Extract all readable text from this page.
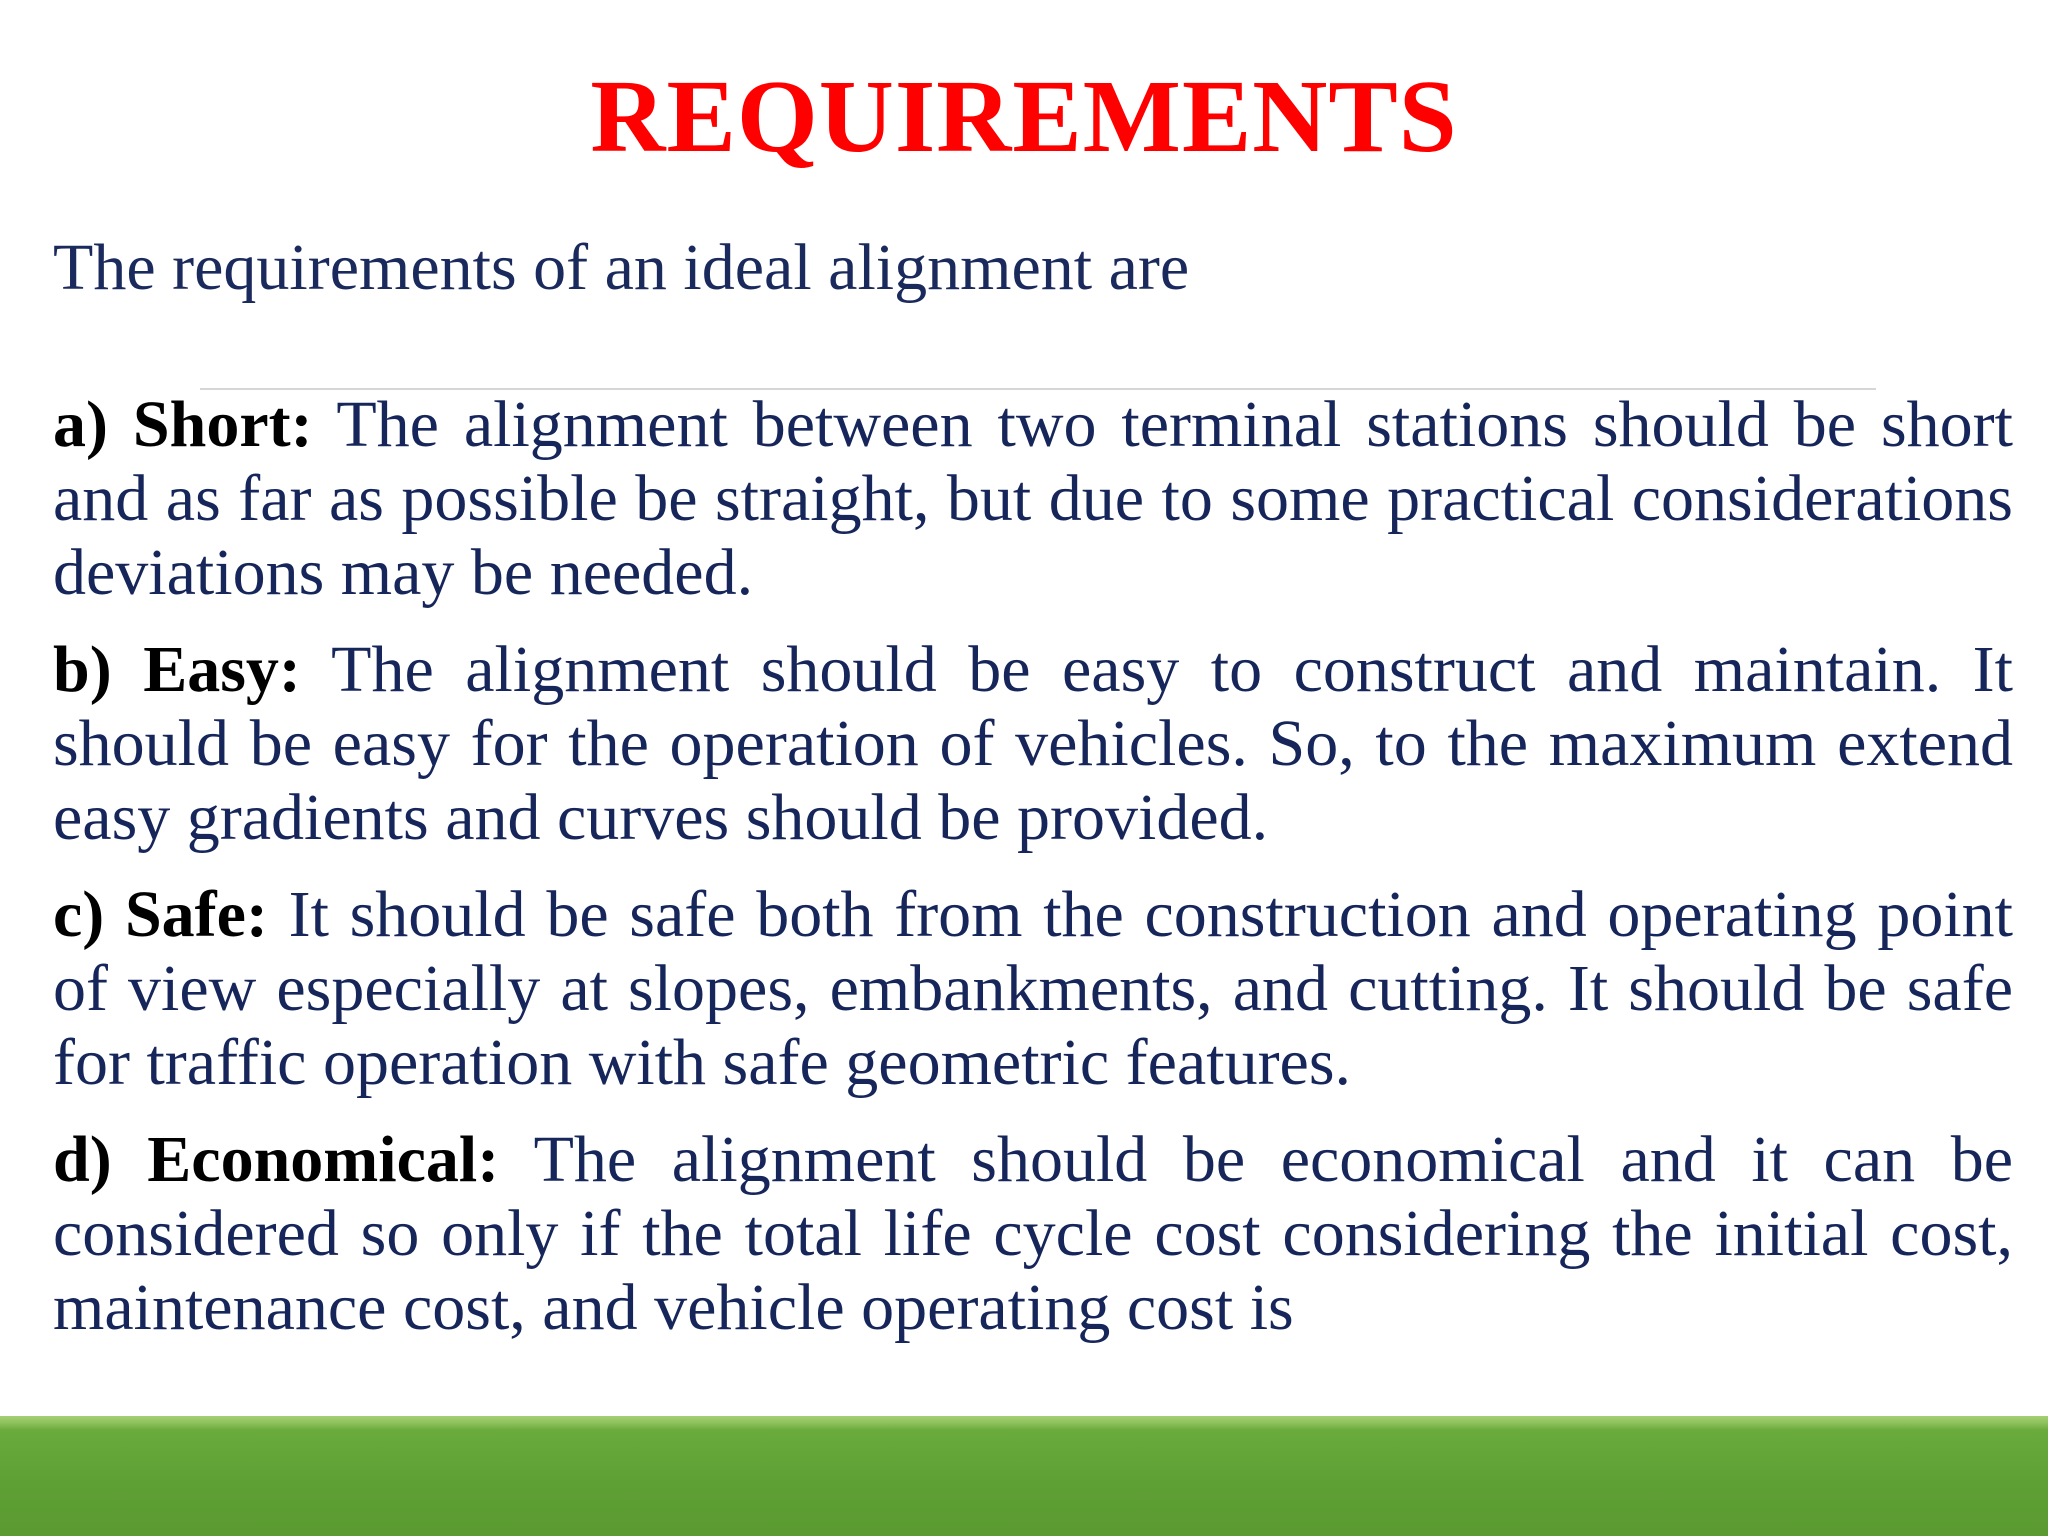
REQUIREMENTS

The requirements of an ideal alignment are

a) Short: The alignment between two terminal stations should be short and as far as possible be straight, but due to some practical considerations deviations may be needed.

b) Easy: The alignment should be easy to construct and maintain. It should be easy for the operation of vehicles. So, to the maximum extend easy gradients and curves should be provided.

c) Safe: It should be safe both from the construction and operating point of view especially at slopes, embankments, and cutting. It should be safe for traffic operation with safe geometric features.

d) Economical: The alignment should be economical and it can be considered so only if the total life cycle cost considering the initial cost, maintenance cost, and vehicle operating cost is
